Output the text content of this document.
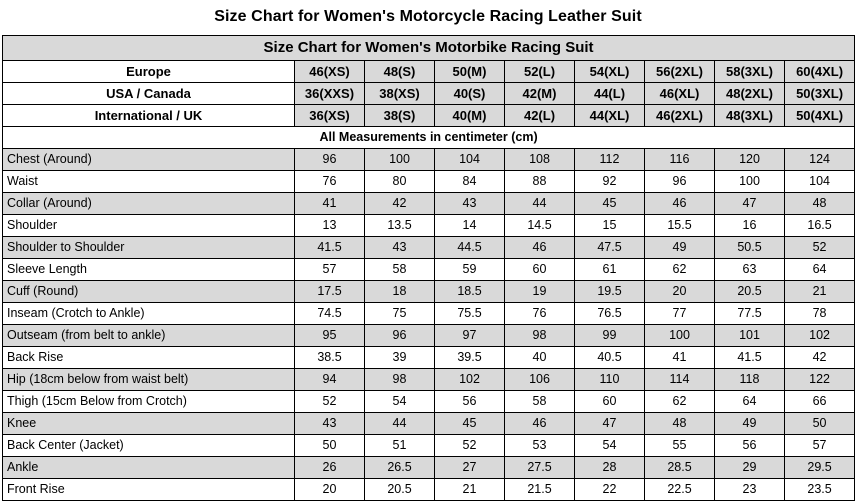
Size Chart for Women's Motorcycle Racing Leather Suit
Size Chart for Women's Motorbike Racing Suit								
Europe	46(XS)	48(S)	50(M)	52(L)	54(XL)	56(2XL)	58(3XL)	60(4XL)
USA / Canada	36(XXS)	38(XS)	40(S)	42(M)	44(L)	46(XL)	48(2XL)	50(3XL)
International / UK	36(XS)	38(S)	40(M)	42(L)	44(XL)	46(2XL)	48(3XL)	50(4XL)
All Measurements in centimeter (cm)								
Chest (Around)	96	100	104	108	112	116	120	124
Waist	76	80	84	88	92	96	100	104
Collar (Around)	41	42	43	44	45	46	47	48
Shoulder	13	13.5	14	14.5	15	15.5	16	16.5
Shoulder to Shoulder	41.5	43	44.5	46	47.5	49	50.5	52
Sleeve Length	57	58	59	60	61	62	63	64
Cuff (Round)	17.5	18	18.5	19	19.5	20	20.5	21
Inseam (Crotch to Ankle)	74.5	75	75.5	76	76.5	77	77.5	78
Outseam (from belt to ankle)	95	96	97	98	99	100	101	102
Back Rise	38.5	39	39.5	40	40.5	41	41.5	42
Hip (18cm below from waist belt)	94	98	102	106	110	114	118	122
Thigh (15cm Below from Crotch)	52	54	56	58	60	62	64	66
Knee	43	44	45	46	47	48	49	50
Back Center (Jacket)	50	51	52	53	54	55	56	57
Ankle	26	26.5	27	27.5	28	28.5	29	29.5
Front Rise	20	20.5	21	21.5	22	22.5	23	23.5
